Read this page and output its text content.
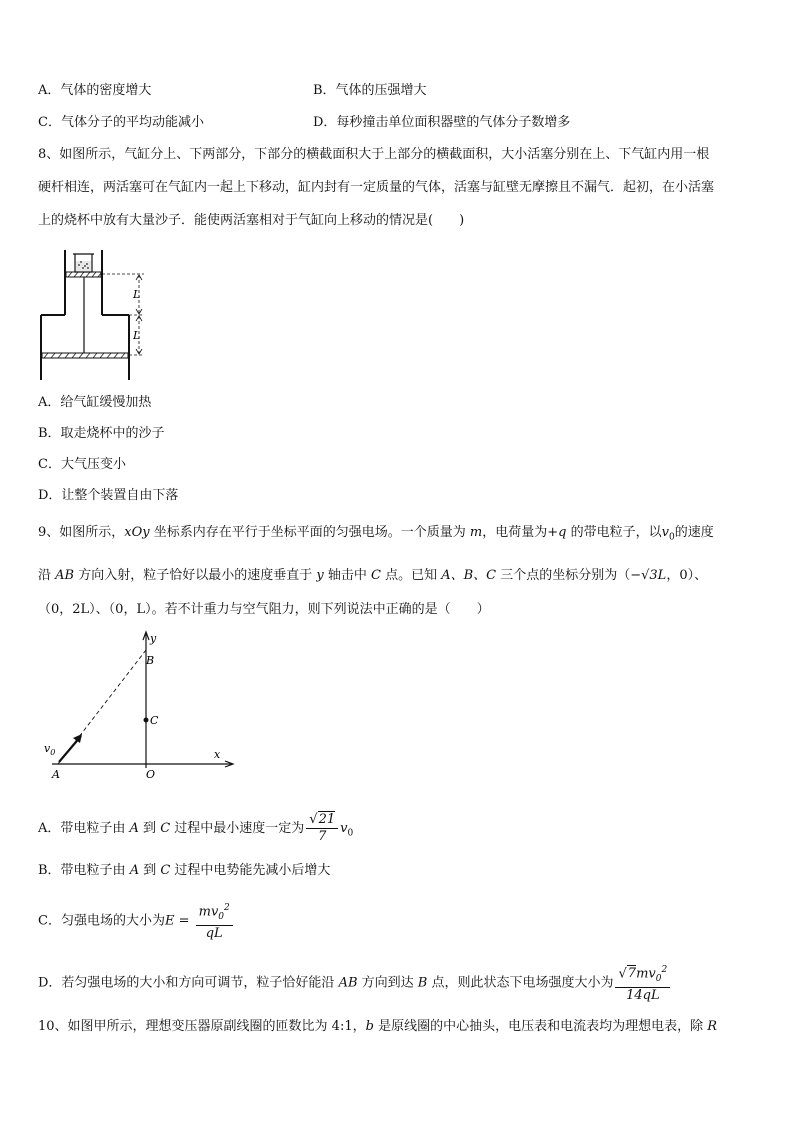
A．气体的密度增大	B．气体的压强增大
C．气体分子的平均动能减小	D．每秒撞击单位面积器壁的气体分子数增多
8、如图所示，气缸分上、下两部分，下部分的横截面积大于上部分的横截面积，大小活塞分别在上、下气缸内用一根
硬杆相连，两活塞可在气缸内一起上下移动，缸内封有一定质量的气体，活塞与缸壁无摩擦且不漏气．起初，在小活塞
上的烧杯中放有大量沙子．能使两活塞相对于气缸向上移动的情况是(　　)
L
L
A．给气缸缓慢加热
B．取走烧杯中的沙子
C．大气压变小
D．让整个装置自由下落
9、如图所示，xOy 坐标系内存在平行于坐标平面的匀强电场。一个质量为 m，电荷量为+q 的带电粒子，以$v_0$的速度
沿 AB 方向入射，粒子恰好以最小的速度垂直于 y 轴击中 C 点。已知 A、B、C 三个点的坐标分别为（−√3L，0）、
（0，2L）、（0，L）。若不计重力与空气阻力，则下列说法中正确的是（　　）
y
x
B
C
O
A
$v_0$
A．带电粒子由 A 到 C 过程中最小速度一定为 $\frac{√21}{7} v_0$
B．带电粒子由 A 到 C 过程中电势能先减小后增大
C．匀强电场的大小为$E = \frac{mv_0^2}{qL}$
D．若匀强电场的大小和方向可调节，粒子恰好能沿 AB 方向到达 B 点，则此状态下电场强度大小为 $\frac{√7mv_0^2}{14qL}$
10、如图甲所示，理想变压器原副线圈的匝数比为 4:1，b 是原线圈的中心抽头，电压表和电流表均为理想电表，除 R
